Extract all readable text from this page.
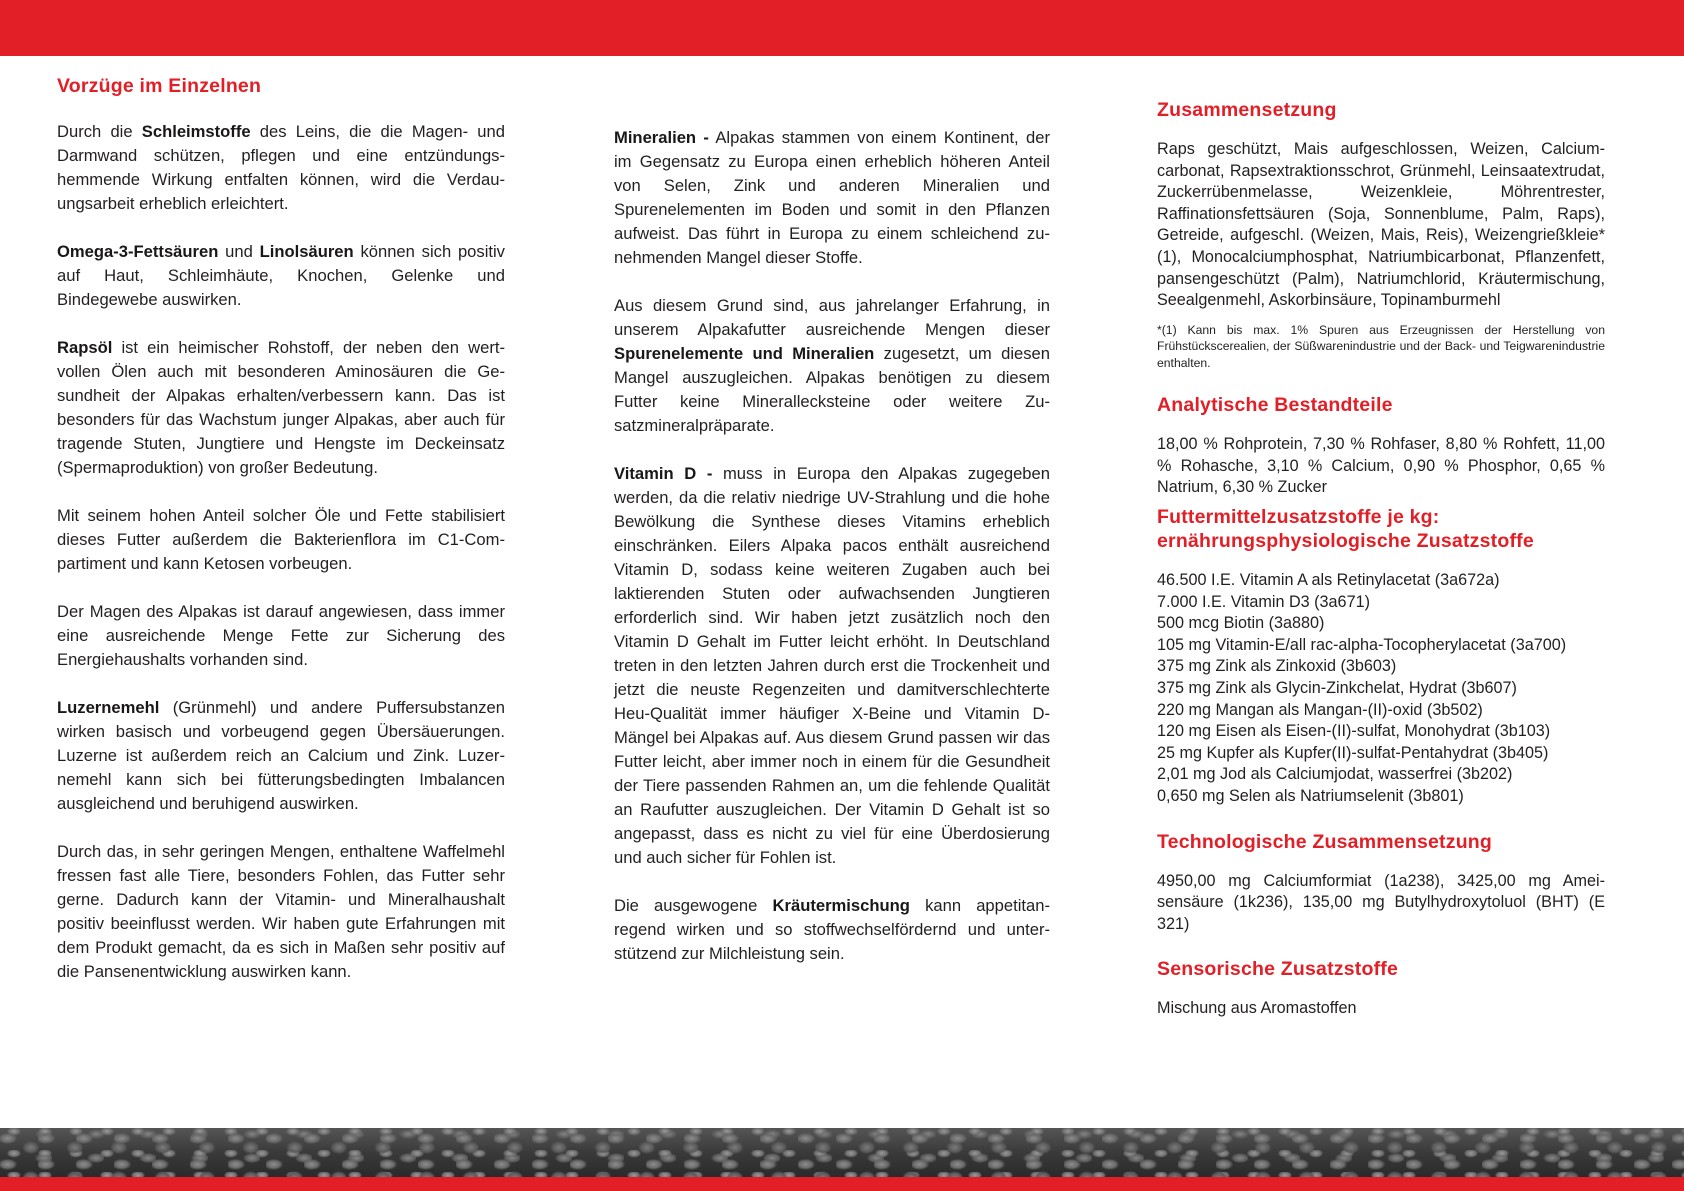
Vorzüge im Einzelnen

Durch die Schleimstoffe des Leins, die die Magen- und Darmwand schützen, pflegen und eine entzündungshemmende Wirkung entfalten können, wird die Verdauungsarbeit erheblich erleichtert.

Omega-3-Fettsäuren und Linolsäuren können sich positiv auf Haut, Schleimhäute, Knochen, Gelenke und Bindegewebe auswirken.

Rapsöl ist ein heimischer Rohstoff, der neben den wertvollen Ölen auch mit besonderen Aminosäuren die Gesundheit der Alpakas erhalten/verbessern kann. Das ist besonders für das Wachstum junger Alpakas, aber auch für tragende Stuten, Jungtiere und Hengste im Deckeinsatz (Spermaproduktion) von großer Bedeutung.

Mit seinem hohen Anteil solcher Öle und Fette stabilisiert dieses Futter außerdem die Bakterienflora im C1-Compartiment und kann Ketosen vorbeugen.

Der Magen des Alpakas ist darauf angewiesen, dass immer eine ausreichende Menge Fette zur Sicherung des Energiehaushalts vorhanden sind.

Luzernemehl (Grünmehl) und andere Puffersubstanzen wirken basisch und vorbeugend gegen Übersäuerungen. Luzerne ist außerdem reich an Calcium und Zink. Luzernemehl kann sich bei fütterungsbedingten Imbalancen ausgleichend und beruhigend auswirken.

Durch das, in sehr geringen Mengen, enthaltene Waffelmehl fressen fast alle Tiere, besonders Fohlen, das Futter sehr gerne. Dadurch kann der Vitamin- und Mineralhaushalt positiv beeinflusst werden. Wir haben gute Erfahrungen mit dem Produkt gemacht, da es sich in Maßen sehr positiv auf die Pansenentwicklung auswirken kann.

Mineralien - Alpakas stammen von einem Kontinent, der im Gegensatz zu Europa einen erheblich höheren Anteil von Selen, Zink und anderen Mineralien und Spurenelementen im Boden und somit in den Pflanzen aufweist. Das führt in Europa zu einem schleichend zunehmenden Mangel dieser Stoffe.

Aus diesem Grund sind, aus jahrelanger Erfahrung, in unserem Alpakafutter ausreichende Mengen dieser Spurenelemente und Mineralien zugesetzt, um diesen Mangel auszugleichen. Alpakas benötigen zu diesem Futter keine Minerallecksteine oder weitere Zusatzmineralpräparate.

Vitamin D - muss in Europa den Alpakas zugegeben werden, da die relativ niedrige UV-Strahlung und die hohe Bewölkung die Synthese dieses Vitamins erheblich einschränken. Eilers Alpaka pacos enthält ausreichend Vitamin D, sodass keine weiteren Zugaben auch bei laktierenden Stuten oder aufwachsenden Jungtieren erforderlich sind. Wir haben jetzt zusätzlich noch den Vitamin D Gehalt im Futter leicht erhöht. In Deutschland treten in den letzten Jahren durch erst die Trockenheit und jetzt die neuste Regenzeiten und damitverschlechterte Heu-Qualität immer häufiger X-Beine und Vitamin D-Mängel bei Alpakas auf. Aus diesem Grund passen wir das Futter leicht, aber immer noch in einem für die Gesundheit der Tiere passenden Rahmen an, um die fehlende Qualität an Raufutter auszugleichen. Der Vitamin D Gehalt ist so angepasst, dass es nicht zu viel für eine Überdosierung und auch sicher für Fohlen ist.

Die ausgewogene Kräutermischung kann appetitanregend wirken und so stoffwechselfördernd und unterstützend zur Milchleistung sein.

Zusammensetzung

Raps geschützt, Mais aufgeschlossen, Weizen, Calciumcarbonat, Rapsextraktionsschrot, Grünmehl, Leinsaatextrudat, Zuckerrübenmelasse, Weizenkleie, Möhrentrester, Raffinationsfettsäuren (Soja, Sonnenblume, Palm, Raps), Getreide, aufgeschl. (Weizen, Mais, Reis), Weizengrießkleie*(1), Monocalciumphosphat, Natriumbicarbonat, Pflanzenfett, pansengeschützt (Palm), Natriumchlorid, Kräutermischung, Seealgenmehl, Askorbinsäure, Topinamburmehl

*(1) Kann bis max. 1% Spuren aus Erzeugnissen der Herstellung von Frühstückscerealien, der Süßwarenindustrie und der Back- und Teigwarenindustrie enthalten.

Analytische Bestandteile

18,00 % Rohprotein, 7,30 % Rohfaser, 8,80 % Rohfett, 11,00 % Rohasche, 3,10 % Calcium, 0,90 % Phosphor, 0,65 % Natrium, 6,30 % Zucker

Futtermittelzusatzstoffe je kg:
ernährungsphysiologische Zusatzstoffe
46.500 I.E. Vitamin A als Retinylacetat (3a672a)
7.000 I.E. Vitamin D3 (3a671)
500 mcg Biotin (3a880)
105 mg Vitamin-E/all rac-alpha-Tocopherylacetat (3a700)
375 mg Zink als Zinkoxid (3b603)
375 mg Zink als Glycin-Zinkchelat, Hydrat (3b607)
220 mg Mangan als Mangan-(II)-oxid (3b502)
120 mg Eisen als Eisen-(II)-sulfat, Monohydrat (3b103)
25 mg Kupfer als Kupfer(II)-sulfat-Pentahydrat (3b405)
2,01 mg Jod als Calciumjodat, wasserfrei (3b202)
0,650 mg Selen als Natriumselenit (3b801)
Technologische Zusammensetzung

4950,00 mg Calciumformiat (1a238), 3425,00 mg Ameisensäure (1k236), 135,00 mg Butylhydroxytoluol (BHT) (E 321)

Sensorische Zusatzstoffe

Mischung aus Aromastoffen
